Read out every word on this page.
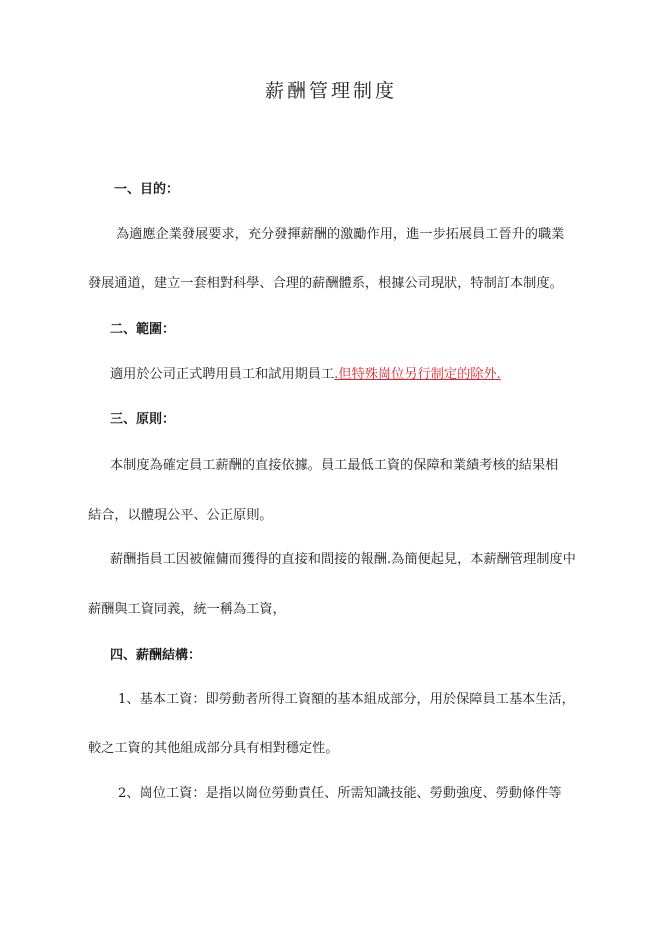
薪酬管理制度
一、目的：
為適應企業發展要求，充分發揮薪酬的激勵作用，進一步拓展員工晉升的職業
發展通道，建立一套相對科學、合理的薪酬體系，根據公司現狀，特制訂本制度。
二、範圍：
適用於公司正式聘用員工和試用期員工.但特殊崗位另行制定的除外.
三、原則：
本制度為確定員工薪酬的直接依據。員工最低工資的保障和業績考核的結果相
結合，以體現公平、公正原則。
薪酬指員工因被僱傭而獲得的直接和間接的報酬.為簡便起見，本薪酬管理制度中
薪酬與工資同義，統一稱為工資，
四、薪酬結構：
1、基本工資：即勞動者所得工資額的基本組成部分，用於保障員工基本生活，
較之工資的其他組成部分具有相對穩定性。
2、崗位工資：是指以崗位勞動責任、所需知識技能、勞動強度、勞動條件等
